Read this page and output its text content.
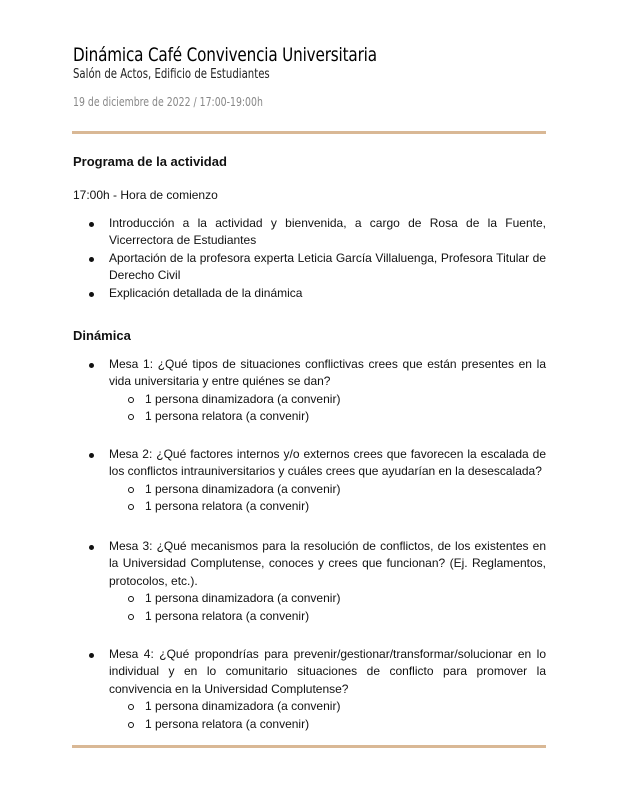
Dinámica Café Convivencia Universitaria
Salón de Actos, Edificio de Estudiantes
19 de diciembre de 2022 / 17:00-19:00h
Programa de la actividad
17:00h - Hora de comienzo
Introducción a la actividad y bienvenida, a cargo de Rosa de la Fuente, Vicerrectora de Estudiantes
Aportación de la profesora experta Leticia García Villaluenga, Profesora Titular de Derecho Civil
Explicación detallada de la dinámica
Dinámica
Mesa 1: ¿Qué tipos de situaciones conflictivas crees que están presentes en la vida universitaria y entre quiénes se dan?
1 persona dinamizadora (a convenir)
1 persona relatora (a convenir)
Mesa 2: ¿Qué factores internos y/o externos crees que favorecen la escalada de los conflictos intrauniversitarios y cuáles crees que ayudarían en la desescalada?
1 persona dinamizadora (a convenir)
1 persona relatora (a convenir)
Mesa 3: ¿Qué mecanismos para la resolución de conflictos, de los existentes en la Universidad Complutense, conoces y crees que funcionan? (Ej. Reglamentos, protocolos, etc.).
1 persona dinamizadora (a convenir)
1 persona relatora (a convenir)
Mesa 4: ¿Qué propondrías para prevenir/gestionar/transformar/solucionar en lo individual y en lo comunitario situaciones de conflicto para promover la convivencia en la Universidad Complutense?
1 persona dinamizadora (a convenir)
1 persona relatora (a convenir)
